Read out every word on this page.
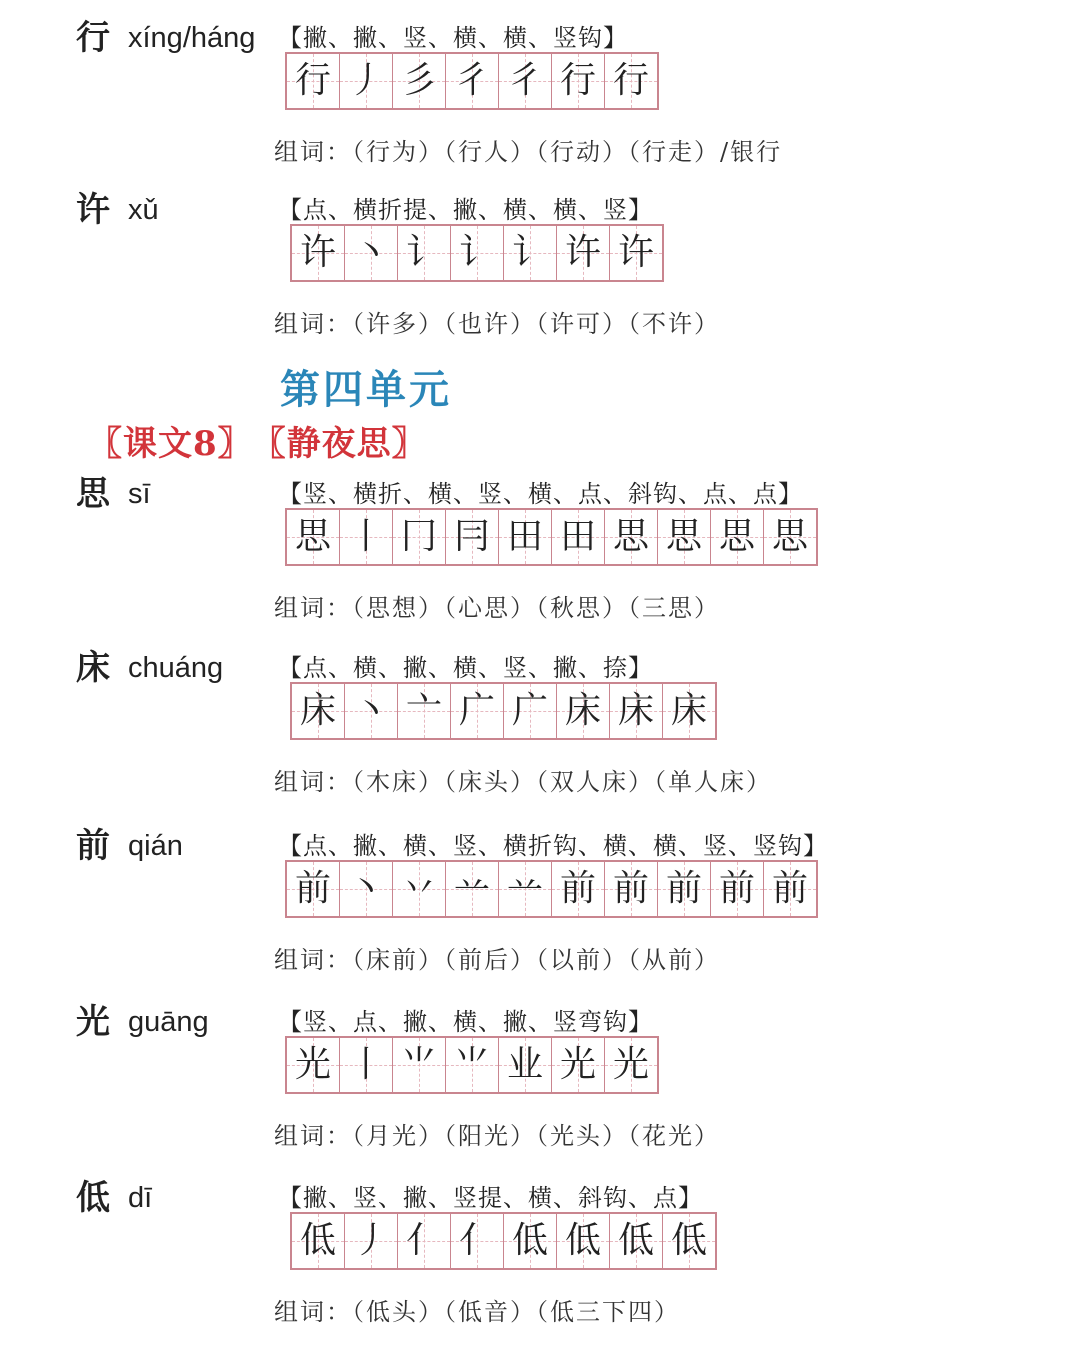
第四单元
〖课文8〗 〖静夜思〗
行 xíng/háng 【撇、撇、竖、横、横、竖钩】
行 丿 彡 彳 彳 行 行
组词：（行为）（行人）（行动）（行走）/银行
许 xǔ	【点、横折提、撇、横、横、竖】
许 丶 讠 讠 讠 许 许
组词：（许多）（也许）（许可）（不许）
思 sī	【竖、横折、横、竖、横、点、斜钩、点、点】
思 丨 冂 冃 田 田 思 思 思 思
组词：（思想）（心思）（秋思）（三思）
床 chuáng 【点、横、撇、横、竖、撇、捺】
床 丶 亠 广 广 床 床 床
组词：（木床）（床头）（双人床）（单人床）
前 qián	【点、撇、横、竖、横折钩、横、横、竖、竖钩】
前 丶 丷 䒑 䒑 前 前 前 前 前
组词：（床前）（前后）（以前）（从前）
光 guāng	【竖、点、撇、横、撇、竖弯钩】
光 丨 ⺌ ⺌ 业 光 光
组词：（月光）（阳光）（光头）（花光）
低 dī	【撇、竖、撇、竖提、横、斜钩、点】
低 丿 亻 亻 低 低 低 低
组词：（低头）（低音）（低三下四）
